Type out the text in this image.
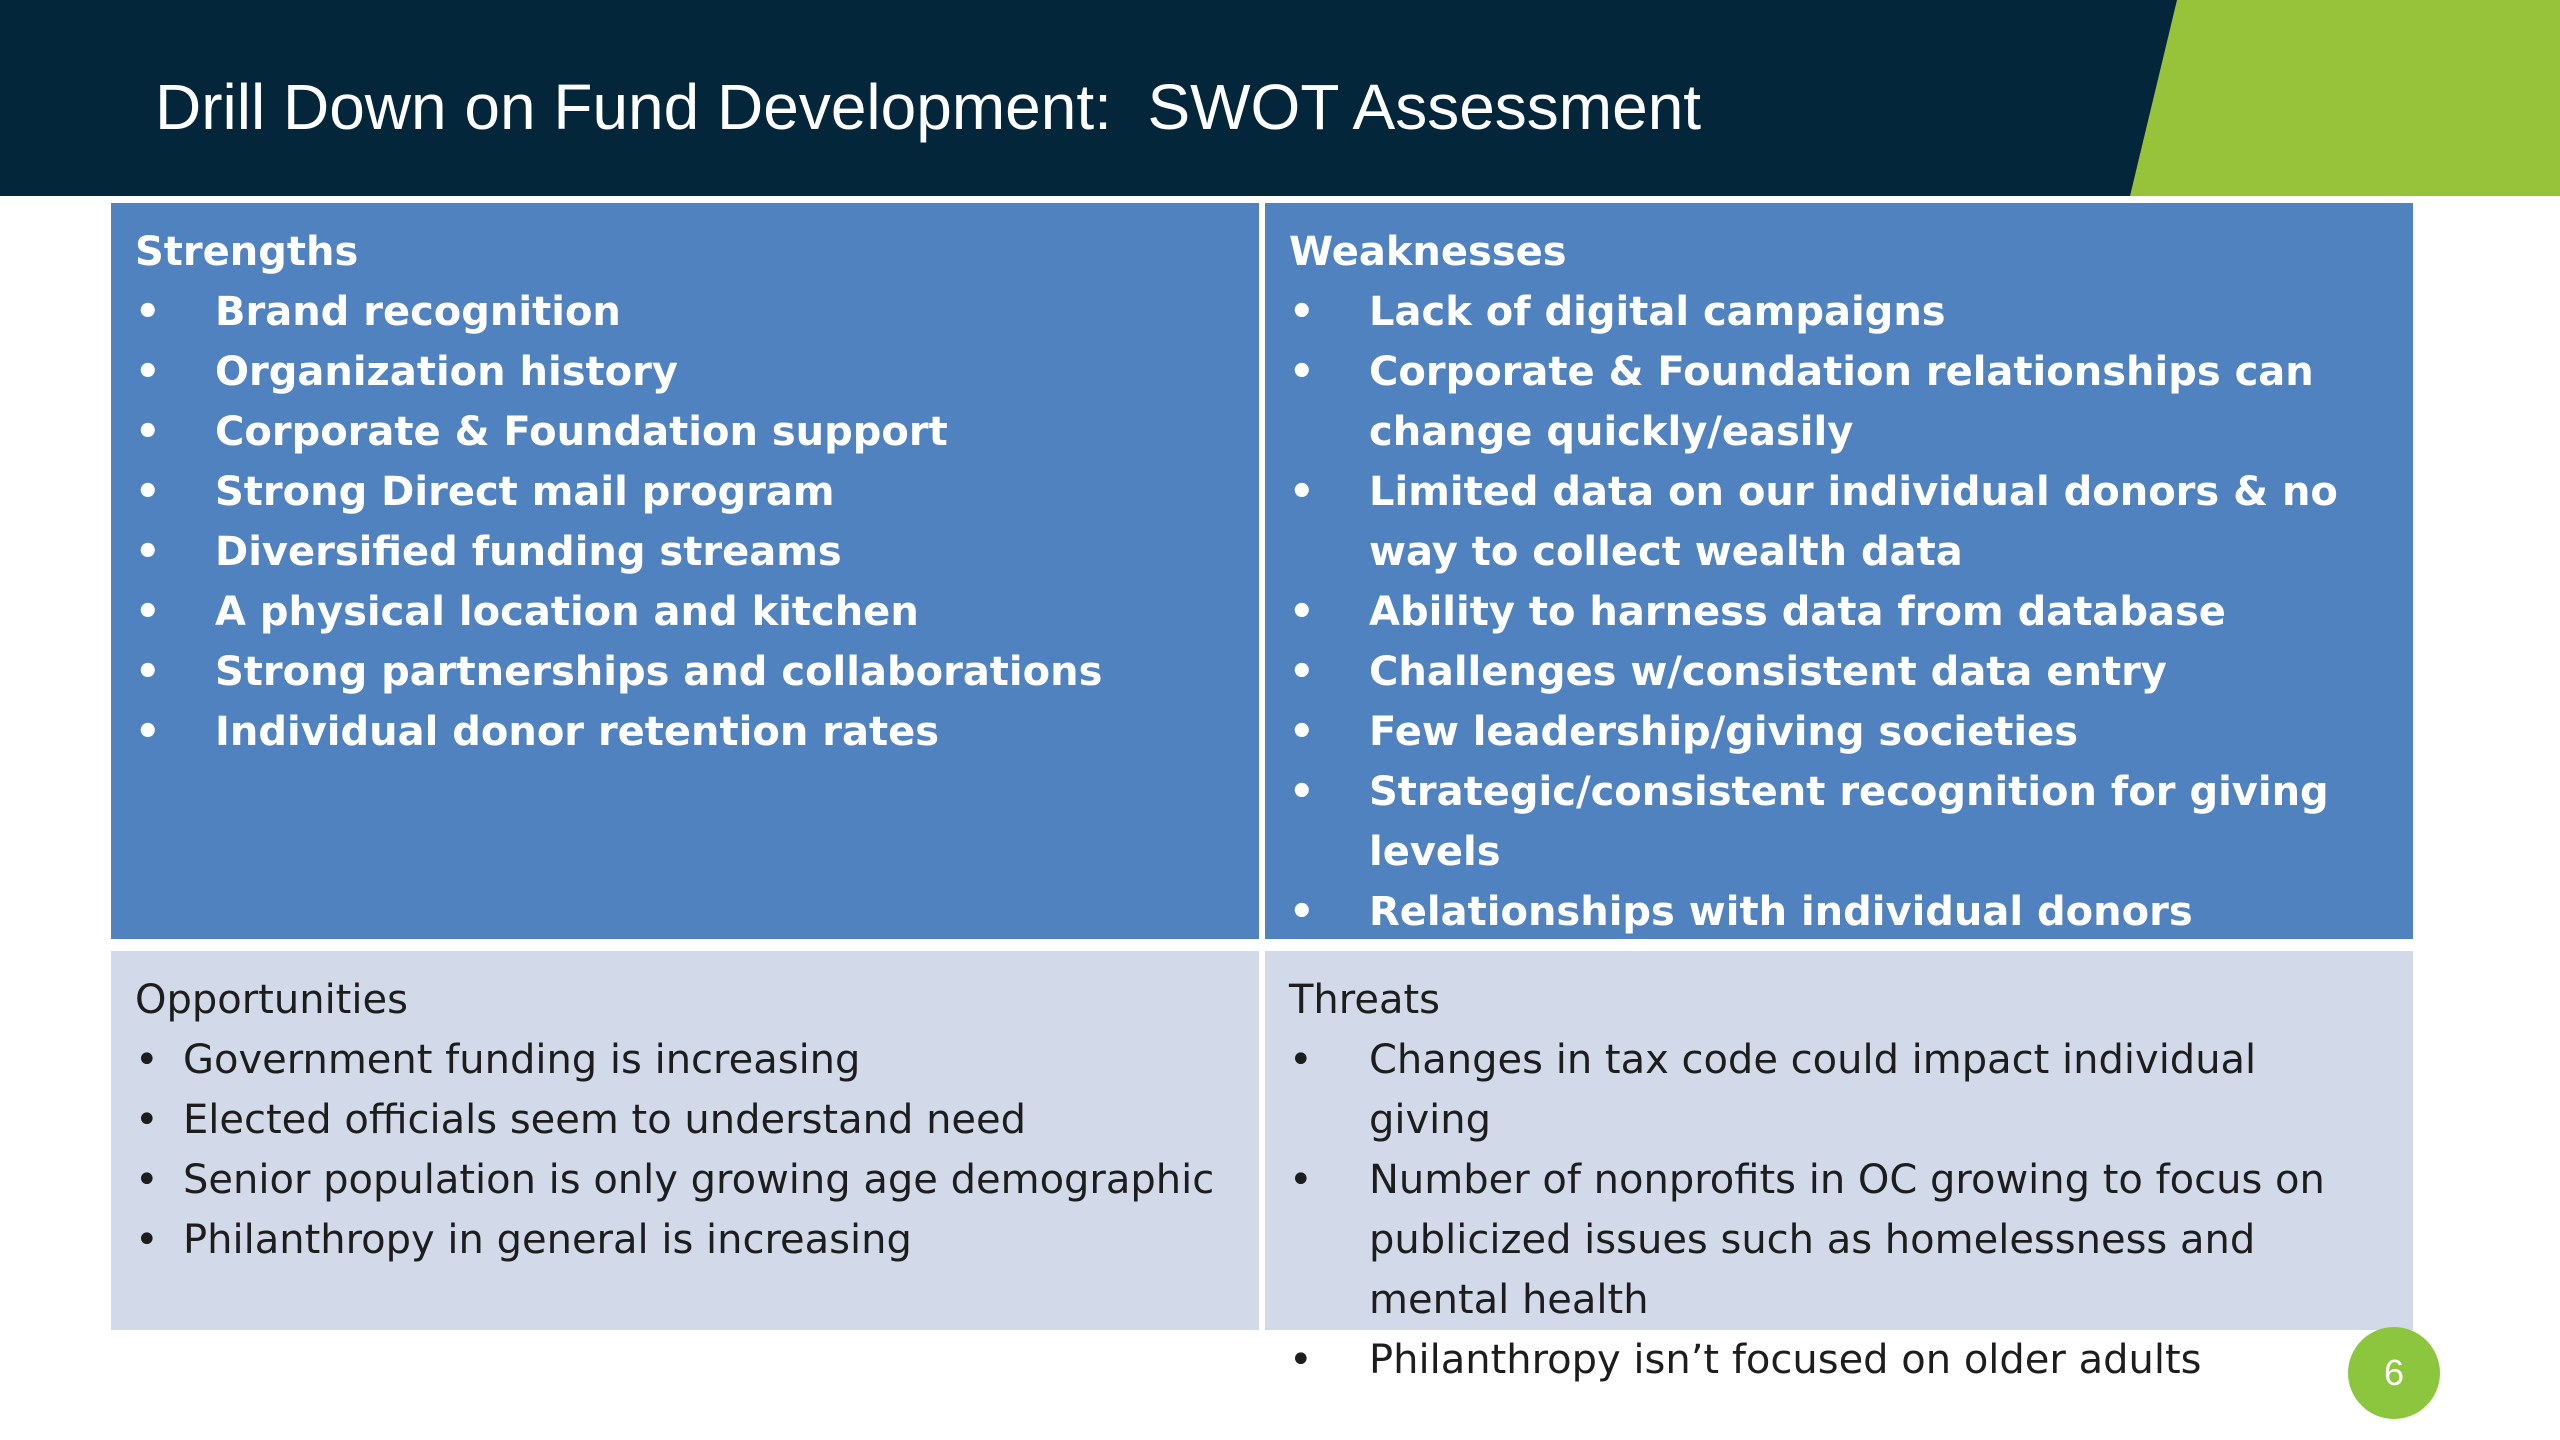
Drill Down on Fund Development:  SWOT Assessment
Strengths
• Brand recognition
• Organization history
• Corporate & Foundation support
• Strong Direct mail program
• Diversified funding streams
• A physical location and kitchen
• Strong partnerships and collaborations
• Individual donor retention rates
Weaknesses
• Lack of digital campaigns
• Corporate & Foundation relationships can change quickly/easily
• Limited data on our individual donors & no way to collect wealth data
• Ability to harness data from database
• Challenges w/consistent data entry
• Few leadership/giving societies
• Strategic/consistent recognition for giving levels
• Relationships with individual donors
•
Opportunities
• Government funding is increasing
• Elected officials seem to understand need
• Senior population is only growing age demographic
• Philanthropy in general is increasing
Threats
• Changes in tax code could impact individual giving
• Number of nonprofits in OC growing to focus on publicized issues such as homelessness and mental health
• Philanthropy isn’t focused on older adults	6
